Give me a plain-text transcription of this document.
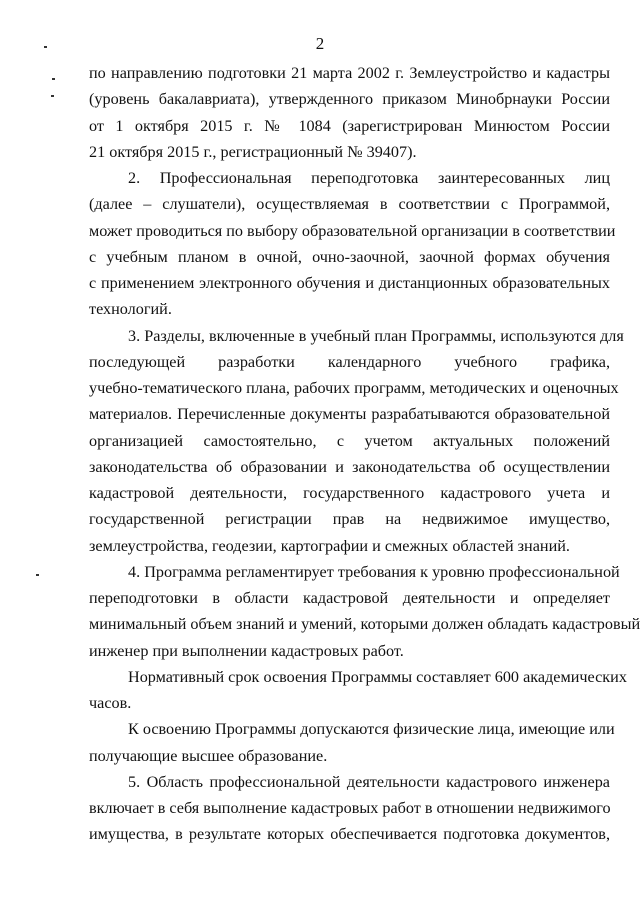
2
по направлению подготовки 21 марта 2002 г. Землеустройство и кадастры
(уровень бакалавриата), утвержденного приказом Минобрнауки России
от 1 октября 2015 г. № 1084 (зарегистрирован Минюстом России
21 октября 2015 г., регистрационный № 39407).
2. Профессиональная переподготовка заинтересованных лиц
(далее – слушатели), осуществляемая в соответствии с Программой,
может проводиться по выбору образовательной организации в соответствии
с учебным планом в очной, очно-заочной, заочной формах обучения
с применением электронного обучения и дистанционных образовательных
технологий.
3. Разделы, включенные в учебный план Программы, используются для
последующей разработки календарного учебного графика,
учебно-тематического плана, рабочих программ, методических и оценочных
материалов. Перечисленные документы разрабатываются образовательной
организацией самостоятельно, с учетом актуальных положений
законодательства об образовании и законодательства об осуществлении
кадастровой деятельности, государственного кадастрового учета и
государственной регистрации прав на недвижимое имущество,
землеустройства, геодезии, картографии и смежных областей знаний.
4. Программа регламентирует требования к уровню профессиональной
переподготовки в области кадастровой деятельности и определяет
минимальный объем знаний и умений, которыми должен обладать кадастровый
инженер при выполнении кадастровых работ.
Нормативный срок освоения Программы составляет 600 академических
часов.
К освоению Программы допускаются физические лица, имеющие или
получающие высшее образование.
5. Область профессиональной деятельности кадастрового инженера
включает в себя выполнение кадастровых работ в отношении недвижимого
имущества, в результате которых обеспечивается подготовка документов,
